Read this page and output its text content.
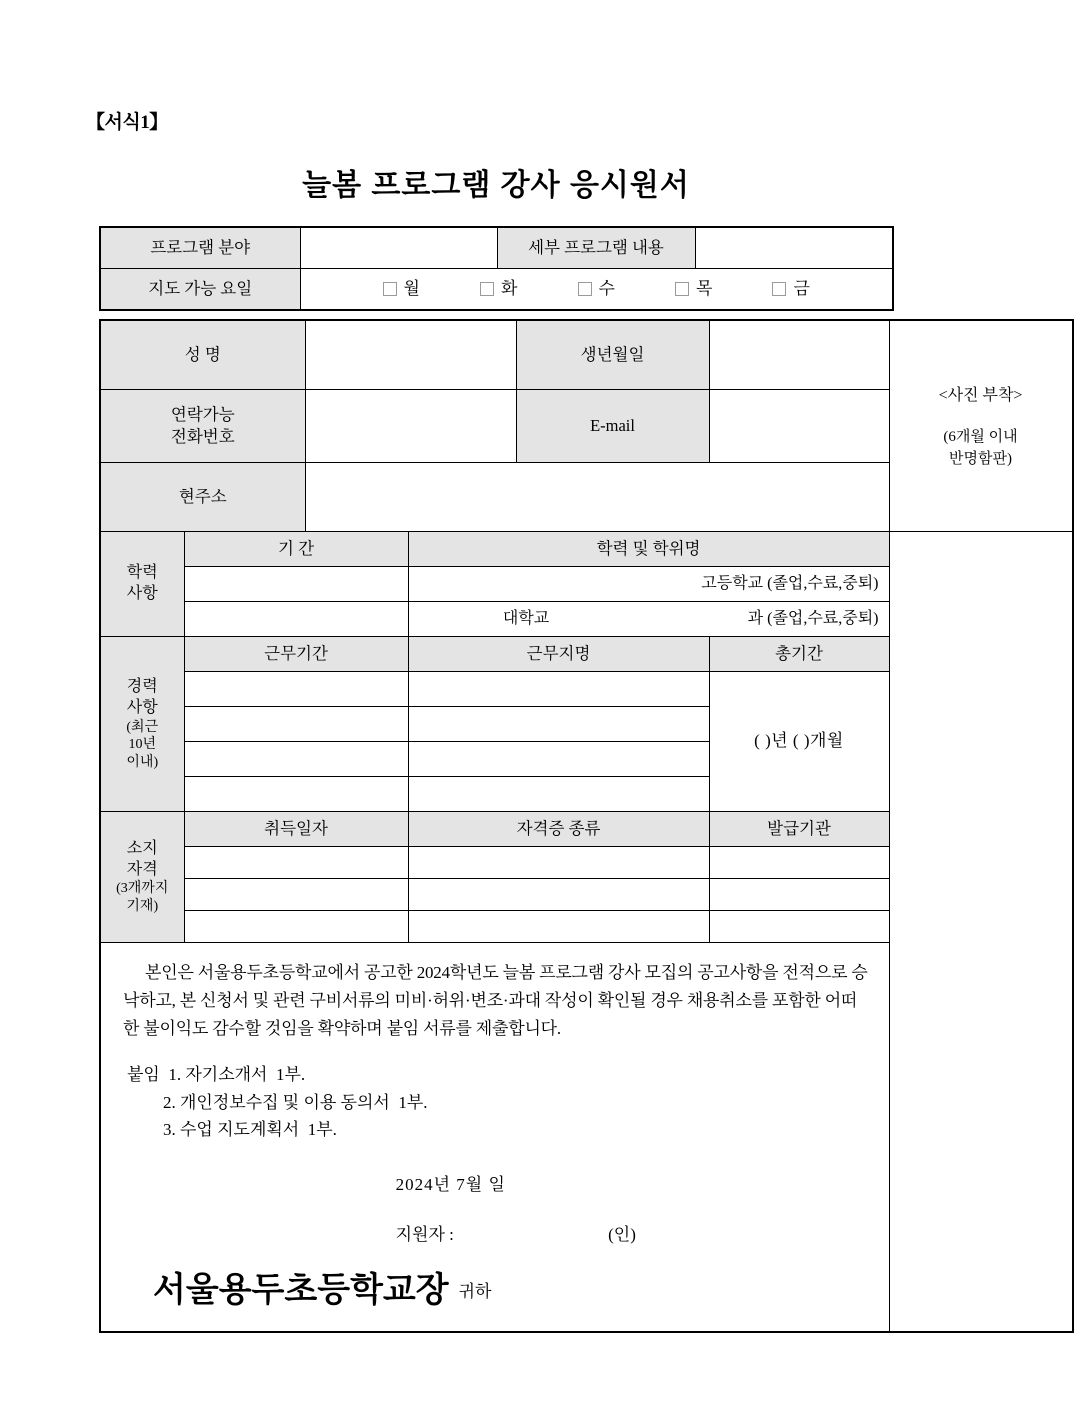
【서식1】
늘봄 프로그램 강사 응시원서
프로그램 분야		세부 프로그램 내용	
지도 가능 요일	월 화 수 목 금		
성 명				생년월일		<사진 부착>
(6개월 이내
반명함판)

연락가능
전화번호				E-mail		
현주소						
학력
사항	기 간		학력 및 학위명			
			고등학교 (졸업,수료,중퇴)			

			대학교 과 (졸업,수료,중퇴)			

경력
사항
(최근
10년
이내)	근무기간		근무지명		총기간	
					( )년 ( )개월	

소지
자격
(3개까지
기재)	취득일자		자격증 종류		발급기관	

본인은 서울용두초등학교에서 공고한 2024학년도 늘봄 프로그램 강사 모집의 공고사항을 전적으로 승낙하고, 본 신청서 및 관련 구비서류의 미비·허위·변조·과대 작성이 확인될 경우 채용취소를 포함한 어떠한 불이익도 감수할 것임을 확약하며 붙임 서류를 제출합니다.

붙임  1. 자기소개서  1부.
2. 개인정보수집 및 이용 동의서  1부.
3. 수업 지도계획서  1부.
2024년 7월 일
지원자 :	(인)
서울용두초등학교장 귀하
